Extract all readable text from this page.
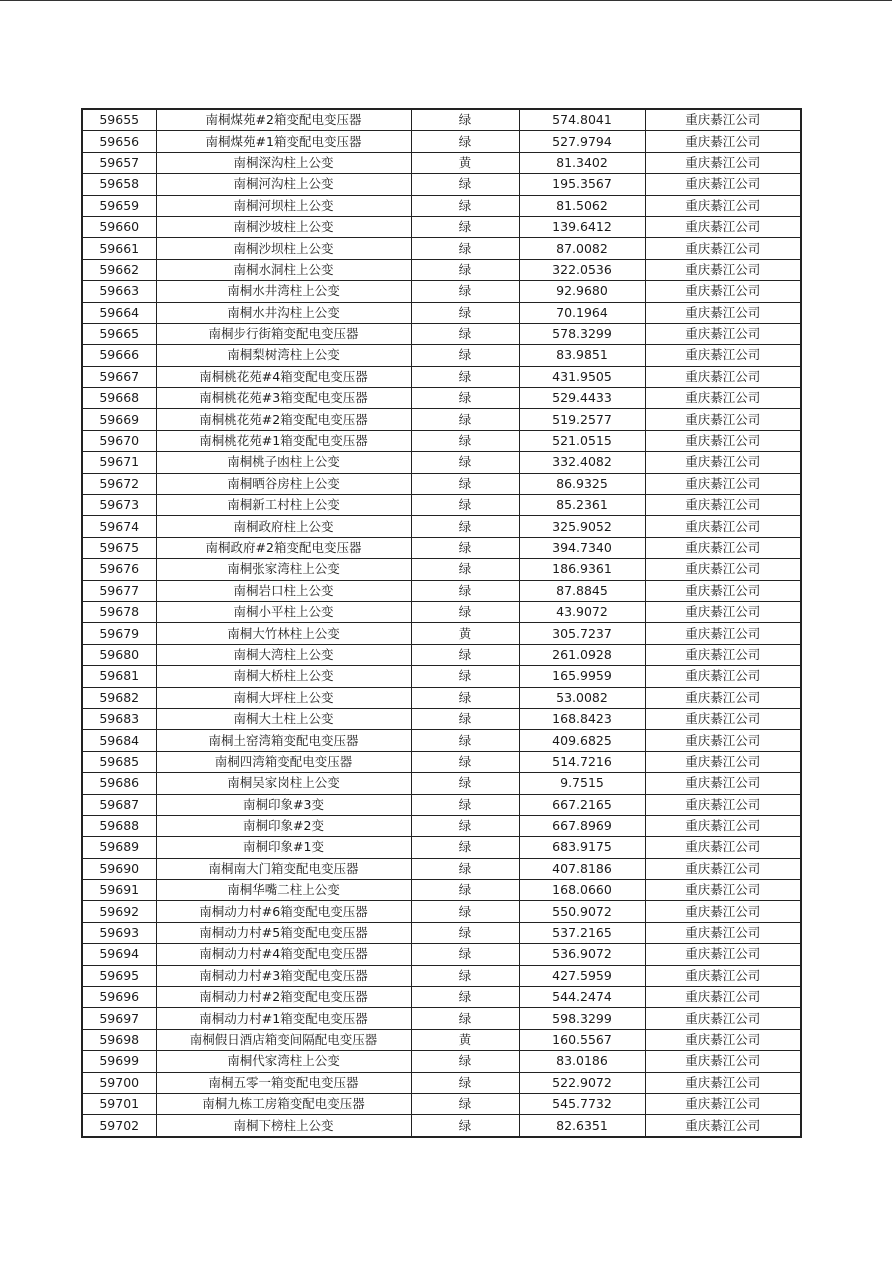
59655	南桐煤苑#2箱变配电变压器	绿	574.8041	重庆綦江公司
59656	南桐煤苑#1箱变配电变压器	绿	527.9794	重庆綦江公司
59657	南桐深沟柱上公变	黄	81.3402	重庆綦江公司
59658	南桐河沟柱上公变	绿	195.3567	重庆綦江公司
59659	南桐河坝柱上公变	绿	81.5062	重庆綦江公司
59660	南桐沙坡柱上公变	绿	139.6412	重庆綦江公司
59661	南桐沙坝柱上公变	绿	87.0082	重庆綦江公司
59662	南桐水洞柱上公变	绿	322.0536	重庆綦江公司
59663	南桐水井湾柱上公变	绿	92.9680	重庆綦江公司
59664	南桐水井沟柱上公变	绿	70.1964	重庆綦江公司
59665	南桐步行街箱变配电变压器	绿	578.3299	重庆綦江公司
59666	南桐梨树湾柱上公变	绿	83.9851	重庆綦江公司
59667	南桐桃花苑#4箱变配电变压器	绿	431.9505	重庆綦江公司
59668	南桐桃花苑#3箱变配电变压器	绿	529.4433	重庆綦江公司
59669	南桐桃花苑#2箱变配电变压器	绿	519.2577	重庆綦江公司
59670	南桐桃花苑#1箱变配电变压器	绿	521.0515	重庆綦江公司
59671	南桐桃子凼柱上公变	绿	332.4082	重庆綦江公司
59672	南桐晒谷房柱上公变	绿	86.9325	重庆綦江公司
59673	南桐新工村柱上公变	绿	85.2361	重庆綦江公司
59674	南桐政府柱上公变	绿	325.9052	重庆綦江公司
59675	南桐政府#2箱变配电变压器	绿	394.7340	重庆綦江公司
59676	南桐张家湾柱上公变	绿	186.9361	重庆綦江公司
59677	南桐岩口柱上公变	绿	87.8845	重庆綦江公司
59678	南桐小平柱上公变	绿	43.9072	重庆綦江公司
59679	南桐大竹林柱上公变	黄	305.7237	重庆綦江公司
59680	南桐大湾柱上公变	绿	261.0928	重庆綦江公司
59681	南桐大桥柱上公变	绿	165.9959	重庆綦江公司
59682	南桐大坪柱上公变	绿	53.0082	重庆綦江公司
59683	南桐大土柱上公变	绿	168.8423	重庆綦江公司
59684	南桐土窑湾箱变配电变压器	绿	409.6825	重庆綦江公司
59685	南桐四湾箱变配电变压器	绿	514.7216	重庆綦江公司
59686	南桐吴家岗柱上公变	绿	9.7515	重庆綦江公司
59687	南桐印象#3变	绿	667.2165	重庆綦江公司
59688	南桐印象#2变	绿	667.8969	重庆綦江公司
59689	南桐印象#1变	绿	683.9175	重庆綦江公司
59690	南桐南大门箱变配电变压器	绿	407.8186	重庆綦江公司
59691	南桐华嘴二柱上公变	绿	168.0660	重庆綦江公司
59692	南桐动力村#6箱变配电变压器	绿	550.9072	重庆綦江公司
59693	南桐动力村#5箱变配电变压器	绿	537.2165	重庆綦江公司
59694	南桐动力村#4箱变配电变压器	绿	536.9072	重庆綦江公司
59695	南桐动力村#3箱变配电变压器	绿	427.5959	重庆綦江公司
59696	南桐动力村#2箱变配电变压器	绿	544.2474	重庆綦江公司
59697	南桐动力村#1箱变配电变压器	绿	598.3299	重庆綦江公司
59698	南桐假日酒店箱变间隔配电变压器	黄	160.5567	重庆綦江公司
59699	南桐代家湾柱上公变	绿	83.0186	重庆綦江公司
59700	南桐五零一箱变配电变压器	绿	522.9072	重庆綦江公司
59701	南桐九栋工房箱变配电变压器	绿	545.7732	重庆綦江公司
59702	南桐下榜柱上公变	绿	82.6351	重庆綦江公司
